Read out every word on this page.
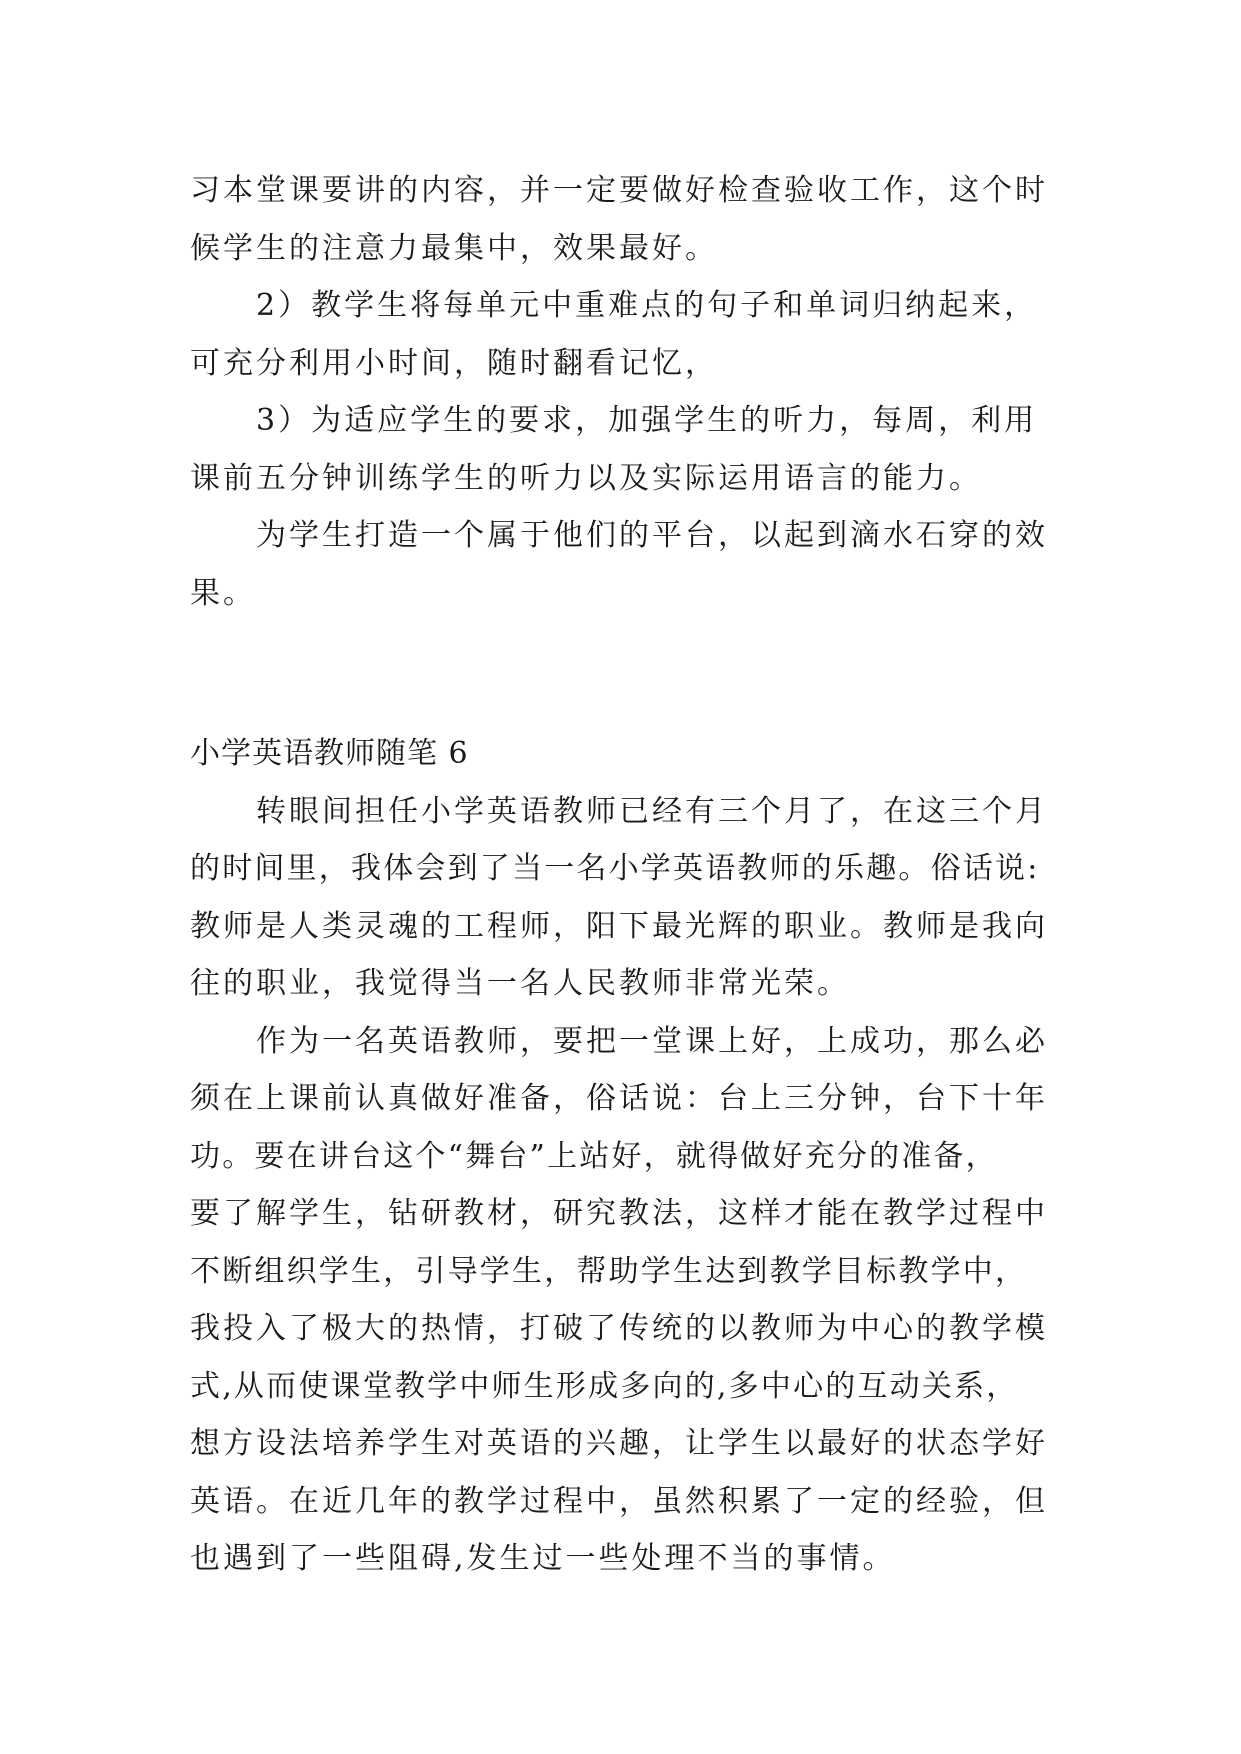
习本堂课要讲的内容，并一定要做好检查验收工作，这个时
候学生的注意力最集中，效果最好。
2）教学生将每单元中重难点的句子和单词归纳起来，
可充分利用小时间，随时翻看记忆，
3）为适应学生的要求，加强学生的听力，每周，利用
课前五分钟训练学生的听力以及实际运用语言的能力。
为学生打造一个属于他们的平台，以起到滴水石穿的效
果。
小学英语教师随笔 6
转眼间担任小学英语教师已经有三个月了，在这三个月
的时间里，我体会到了当一名小学英语教师的乐趣。俗话说:
教师是人类灵魂的工程师，阳下最光辉的职业。教师是我向
往的职业，我觉得当一名人民教师非常光荣。
作为一名英语教师，要把一堂课上好，上成功，那么必
须在上课前认真做好准备，俗话说：台上三分钟，台下十年
功。要在讲台这个“舞台”上站好，就得做好充分的准备，
要了解学生，钻研教材，研究教法，这样才能在教学过程中
不断组织学生，引导学生，帮助学生达到教学目标教学中，
我投入了极大的热情，打破了传统的以教师为中心的教学模
式,从而使课堂教学中师生形成多向的,多中心的互动关系，
想方设法培养学生对英语的兴趣，让学生以最好的状态学好
英语。在近几年的教学过程中，虽然积累了一定的经验，但
也遇到了一些阻碍,发生过一些处理不当的事情。
